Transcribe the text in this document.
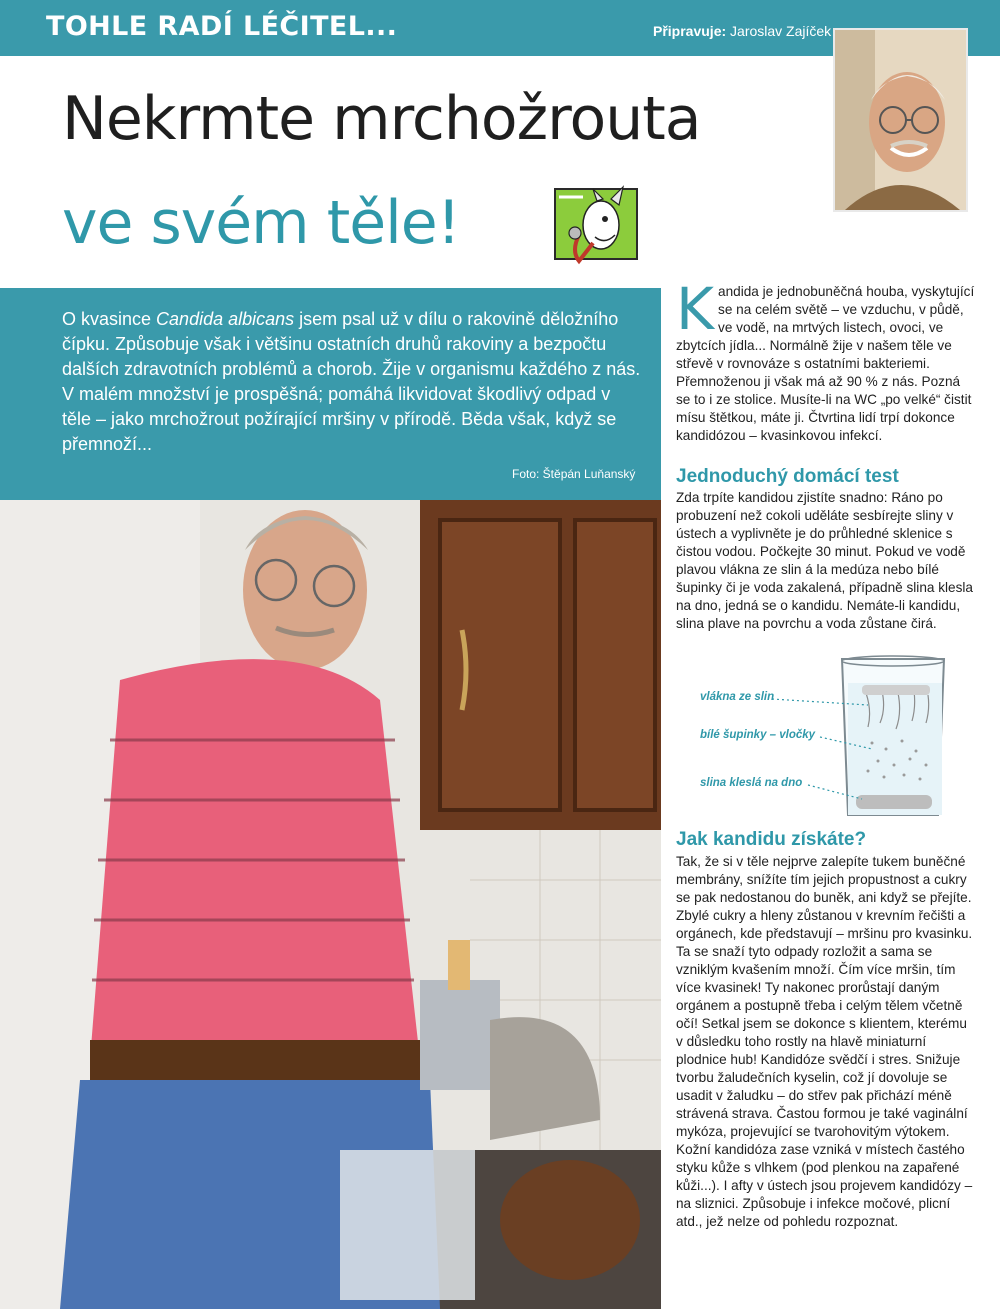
TOHLE RADÍ LÉČITEL...	Připravuje: Jaroslav Zajíček
Nekrmte mrchožrouta
ve svém těle!
O kvasince Candida albicans jsem psal už v dílu o rakovině děložního čípku. Způsobuje však i většinu ostatních druhů rakoviny a bezpočtu dalších zdravotních problémů a chorob. Žije v organismu každého z nás. V malém množství je prospěšná; pomáhá likvidovat škodlivý odpad v těle – jako mrchožrout požírající mršiny v přírodě. Běda však, když se přemnoží...
Foto: Štěpán Luňanský
Kandida je jednobuněčná houba, vyskytující se na celém světě – ve vzduchu, v půdě, ve vodě, na mrtvých listech, ovoci, ve zbytcích jídla... Normálně žije v našem těle ve střevě v rovnováze s ostatními bakteriemi. Přemnoženou ji však má až 90 % z nás. Pozná se to i ze stolice. Musíte-li na WC „po velké“ čistit mísu štětkou, máte ji. Čtvrtina lidí trpí dokonce kandidózou – kvasinkovou infekcí.
Jednoduchý domácí test
Zda trpíte kandidou zjistíte snadno: Ráno po probuzení než cokoli uděláte sesbírejte sliny v ústech a vyplivněte je do průhledné sklenice s čistou vodou. Počkejte 30 minut. Pokud ve vodě plavou vlákna ze slin á la medúza nebo bílé šupinky či je voda zakalená, případně slina klesla na dno, jedná se o kandidu. Nemáte-li kandidu, slina plave na povrchu a voda zůstane čirá.
vlákna ze slin
bílé šupinky – vločky
slina kleslá na dno
Jak kandidu získáte?
Tak, že si v těle nejprve zalepíte tukem buněčné membrány, snížíte tím jejich propustnost a cukry se pak nedostanou do buněk, ani když se přejíte. Zbylé cukry a hleny zůstanou v krevním řečišti a orgánech, kde představují – mršinu pro kvasinku. Ta se snaží tyto odpady rozložit a sama se vzniklým kvašením množí. Čím více mršin, tím více kvasinek! Ty nakonec prorůstají daným orgánem a postupně třeba i celým tělem včetně očí! Setkal jsem se dokonce s klientem, kterému v důsledku toho rostly na hlavě miniaturní plodnice hub! Kandidóze svědčí i stres. Snižuje tvorbu žaludečních kyselin, což jí dovoluje se usadit v žaludku – do střev pak přichází méně strávená strava. Častou formou je také vaginální mykóza, projevující se tvarohovitým výtokem. Kožní kandidóza zase vzniká v místech častého styku kůže s vlhkem (pod plenkou na zapařené kůži...). I afty v ústech jsou projevem kandidózy – na sliznici. Způsobuje i infekce močové, plicní atd., jež nelze od pohledu rozpoznat.
